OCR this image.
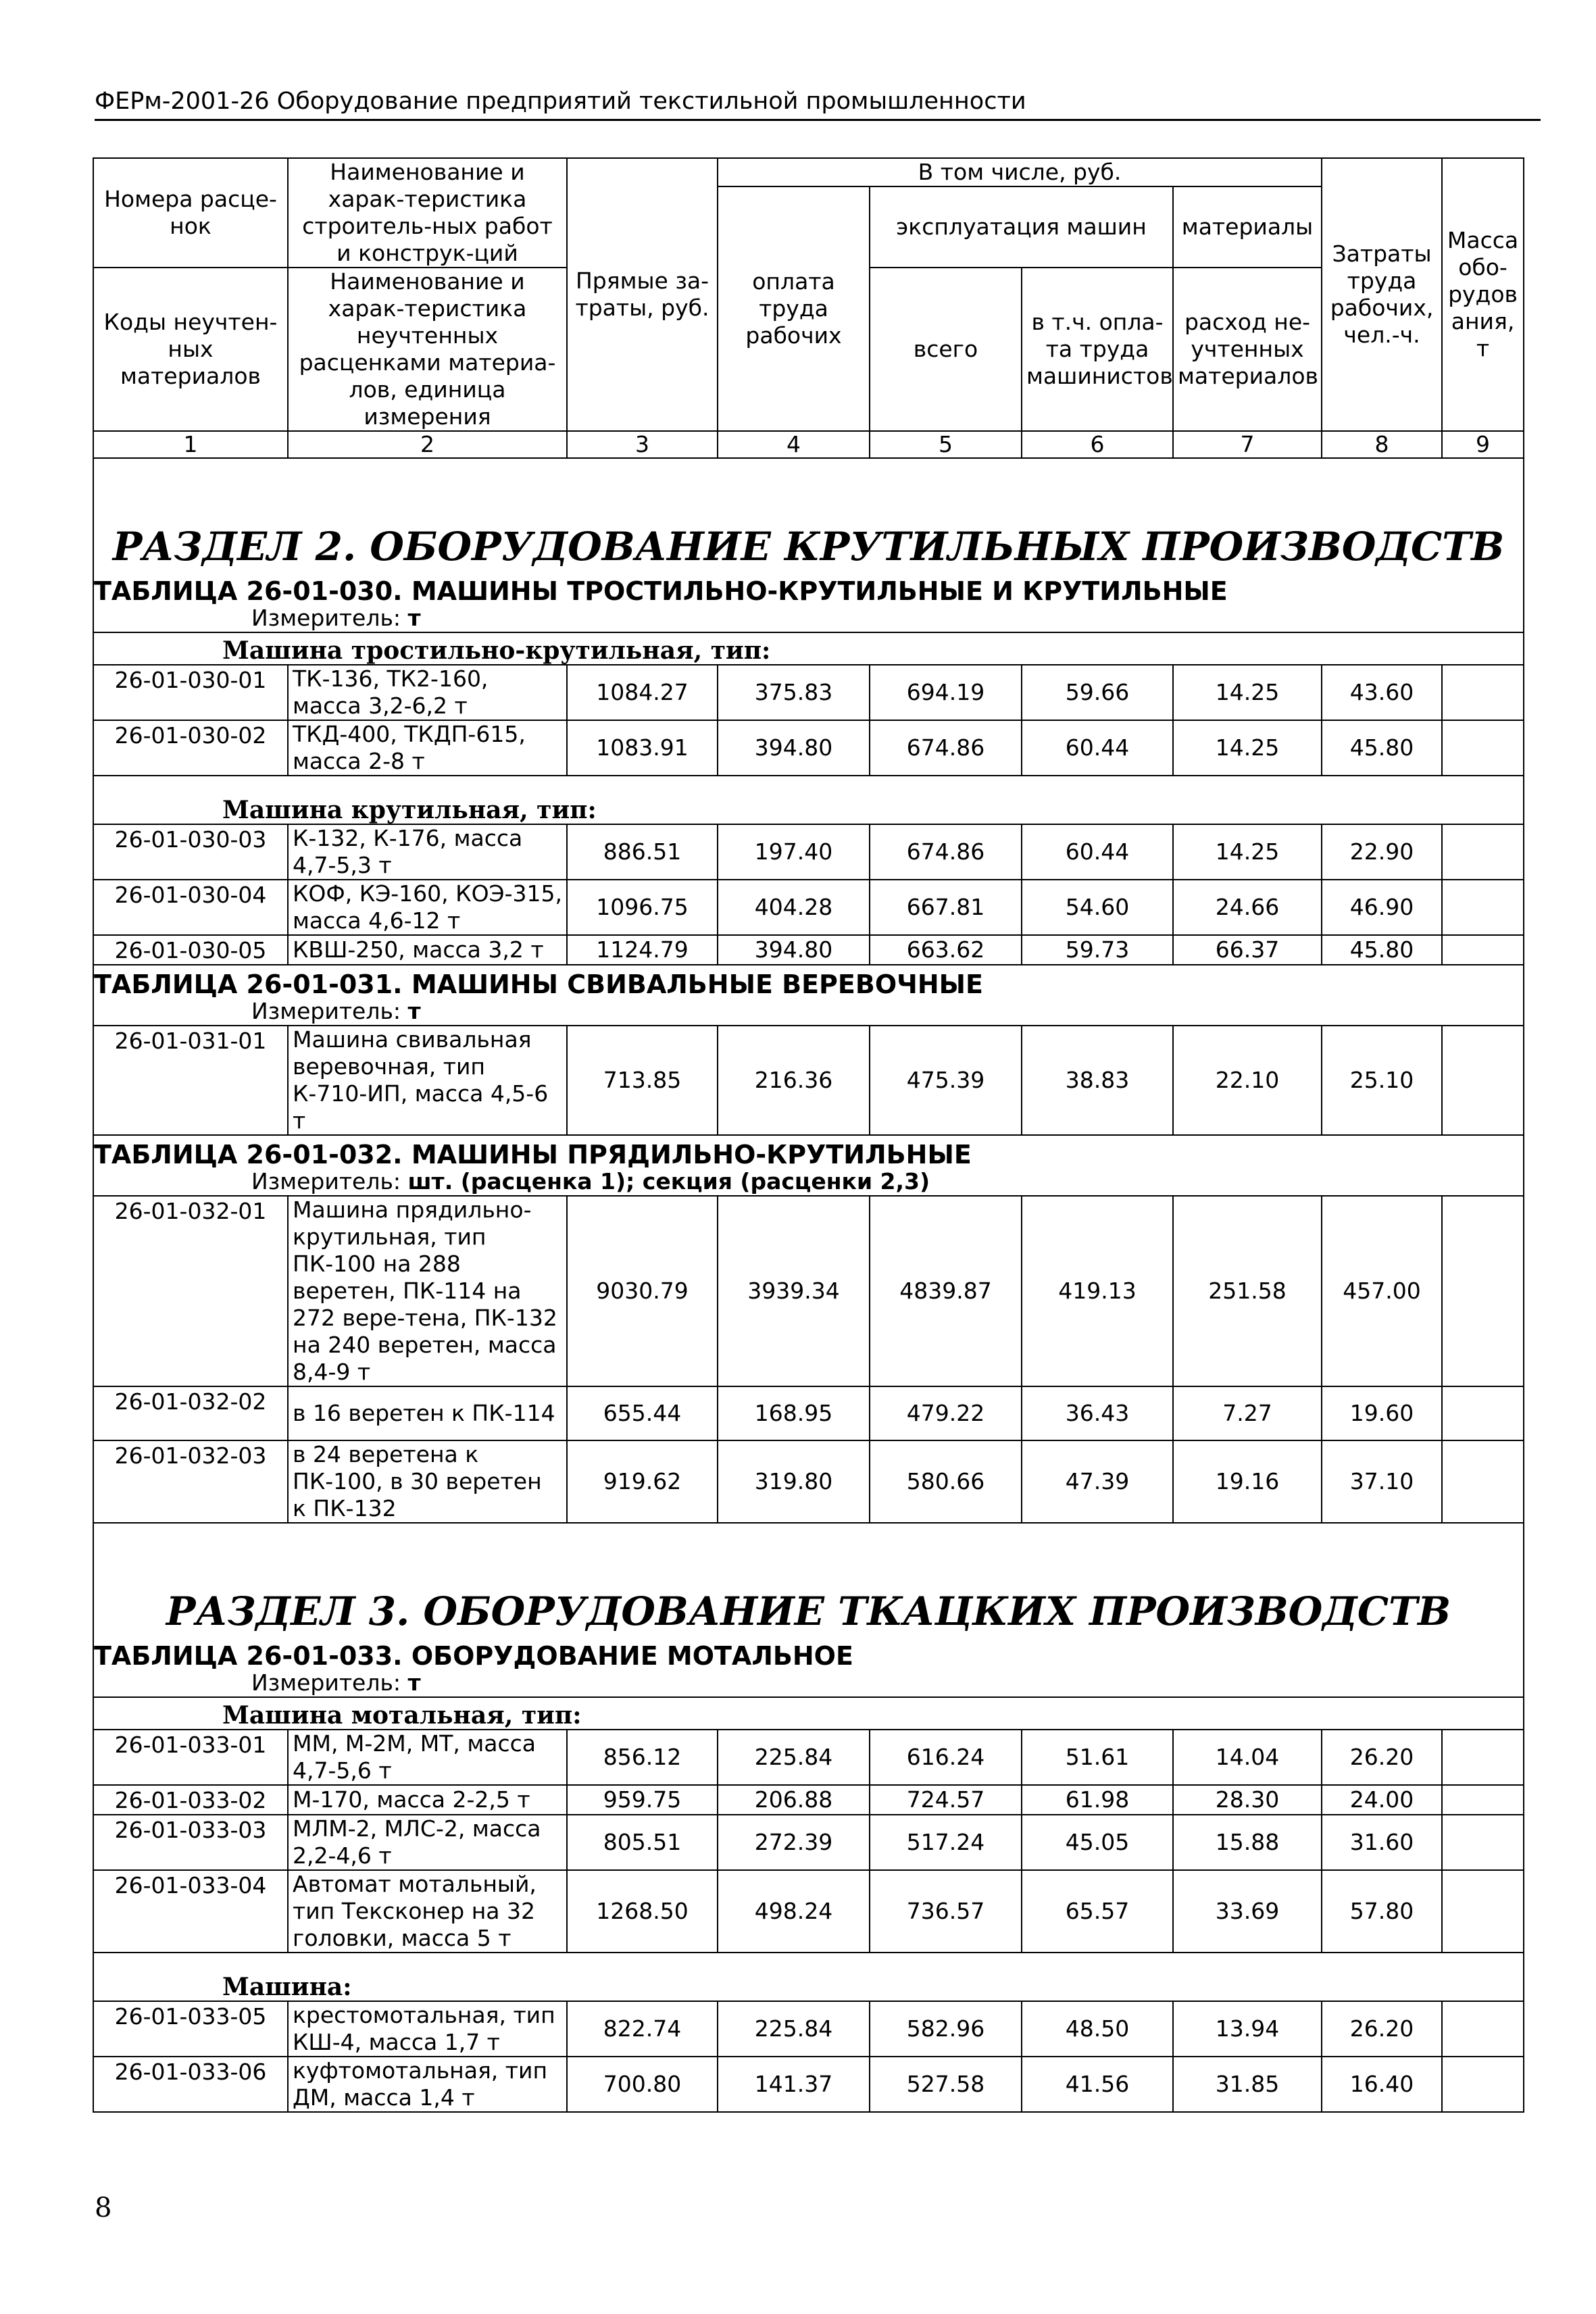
ФЕРм-2001-26 Оборудование предприятий текстильной промышленности
Номера расце-нок	Наименование и харак-теристика строитель-ных работ и конструк-ций	Прямые за-траты, руб.	В том числе, руб.				Затраты труда рабочих, чел.-ч.	Масса обо-рудов ания, т
			оплата труда рабочих	эксплуатация машин		материалы		
Коды неучтен-ных материалов	Наименование и харак-теристика неучтенных расценками материа-лов, единица измерения			всего	в т.ч. опла-та труда машинистов	расход не-учтенных материалов		

1	2	3	4	5	6	7	8	9
РАЗДЕЛ 2. ОБОРУДОВАНИЕ КРУТИЛЬНЫХ ПРОИЗВОДСТВ								
ТАБЛИЦА 26-01-030. МАШИНЫ ТРОСТИЛЬНО-КРУТИЛЬНЫЕ И КРУТИЛЬНЫЕ								
Измеритель: т								
Машина тростильно-крутильная, тип:								
26-01-030-01	ТК-136, ТК2-160, масса 3,2-6,2 т	1084.27	375.83	694.19	59.66	14.25	43.60	
26-01-030-02	ТКД-400, ТКДП-615, масса 2-8 т	1083.91	394.80	674.86	60.44	14.25	45.80	
Машина крутильная, тип:								
26-01-030-03	К-132, К-176, масса 4,7-5,3 т	886.51	197.40	674.86	60.44	14.25	22.90	
26-01-030-04	КОФ, КЭ-160, КОЭ-315, масса 4,6-12 т	1096.75	404.28	667.81	54.60	24.66	46.90	
26-01-030-05	КВШ-250, масса 3,2 т	1124.79	394.80	663.62	59.73	66.37	45.80	
ТАБЛИЦА 26-01-031. МАШИНЫ СВИВАЛЬНЫЕ ВЕРЕВОЧНЫЕ								
Измеритель: т								
26-01-031-01	Машина свивальная веревочная, тип К-710-ИП, масса 4,5-6 т	713.85	216.36	475.39	38.83	22.10	25.10	
ТАБЛИЦА 26-01-032. МАШИНЫ ПРЯДИЛЬНО-КРУТИЛЬНЫЕ								
Измеритель: шт. (расценка 1); секция (расценки 2,3)								
26-01-032-01	Машина прядильно-крутильная, тип ПК-100 на 288 веретен, ПК-114 на 272 вере-тена, ПК-132 на 240 веретен, масса 8,4-9 т	9030.79	3939.34	4839.87	419.13	251.58	457.00	
26-01-032-02	в 16 веретен к ПК-114	655.44	168.95	479.22	36.43	7.27	19.60	
26-01-032-03	в 24 веретена к ПК-100, в 30 веретен к ПК-132	919.62	319.80	580.66	47.39	19.16	37.10	
РАЗДЕЛ 3. ОБОРУДОВАНИЕ ТКАЦКИХ ПРОИЗВОДСТВ								
ТАБЛИЦА 26-01-033. ОБОРУДОВАНИЕ МОТАЛЬНОЕ								
Измеритель: т								
Машина мотальная, тип:								
26-01-033-01	ММ, М-2М, МТ, масса 4,7-5,6 т	856.12	225.84	616.24	51.61	14.04	26.20	
26-01-033-02	М-170, масса 2-2,5 т	959.75	206.88	724.57	61.98	28.30	24.00	
26-01-033-03	МЛМ-2, МЛС-2, масса 2,2-4,6 т	805.51	272.39	517.24	45.05	15.88	31.60	
26-01-033-04	Автомат мотальный, тип Тексконер на 32 головки, масса 5 т	1268.50	498.24	736.57	65.57	33.69	57.80	
Машина:								
26-01-033-05	крестомотальная, тип КШ-4, масса 1,7 т	822.74	225.84	582.96	48.50	13.94	26.20	
26-01-033-06	куфтомотальная, тип ДМ, масса 1,4 т	700.80	141.37	527.58	41.56	31.85	16.40	
8
